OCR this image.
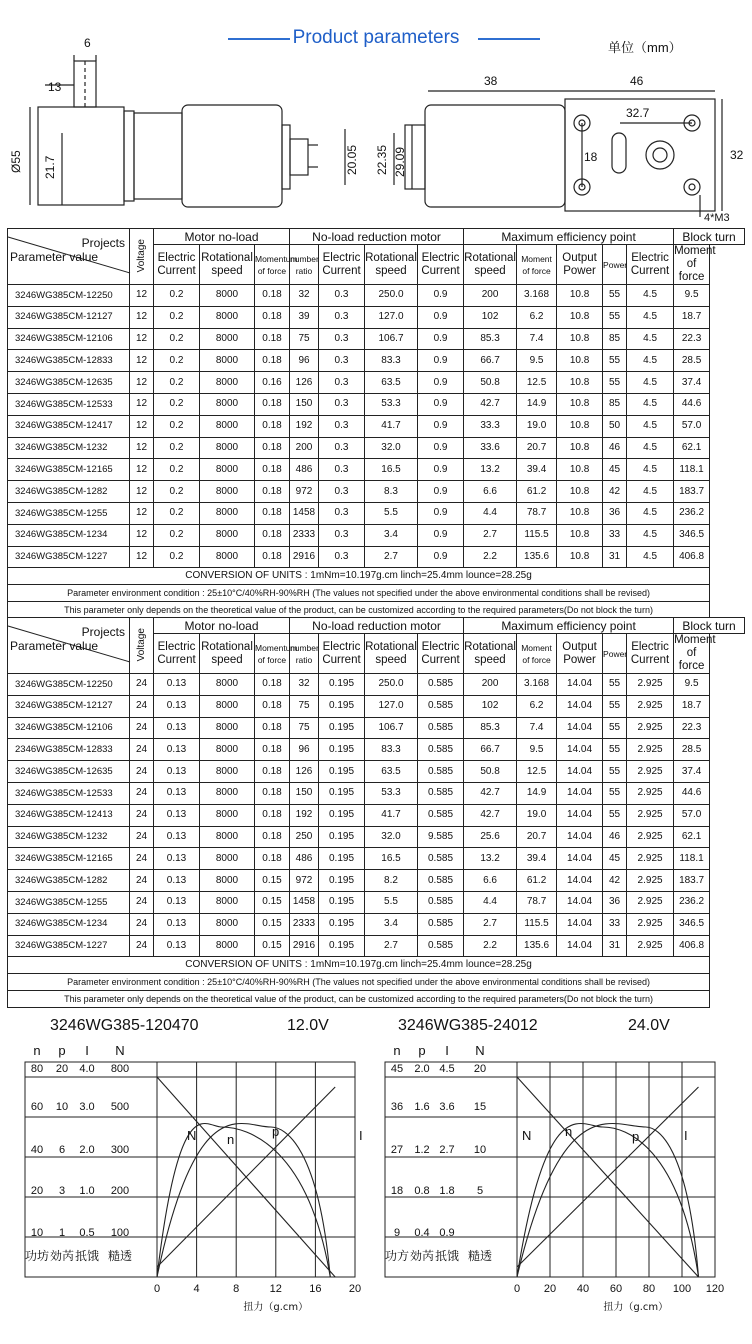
Product parameters	单位（mm）
6
13
Ø55 21.7	20.05
38	46
32.7
22.35 29.09	18	32
4*M3
Projects
Parameter value	Voltage	Motor no-load			No-load reduction motor				Maximum efficiency point					Block turn
		Electric Current	Rotational speed	Momentum of force	number ratio	Electric Current	Rotational speed	Electric Current	Rotational speed	Moment of force	Output Power	Power	Electric Current	Moment of force
3246WG385CM-12250	12	0.2	8000	0.18	32	0.3	250.0	0.9	200	3.168	10.8	55	4.5	9.5
3246WG385CM-12127	12	0.2	8000	0.18	39	0.3	127.0	0.9	102	6.2	10.8	55	4.5	18.7
3246WG385CM-12106	12	0.2	8000	0.18	75	0.3	106.7	0.9	85.3	7.4	10.8	85	4.5	22.3
3246WG385CM-12833	12	0.2	8000	0.18	96	0.3	83.3	0.9	66.7	9.5	10.8	55	4.5	28.5
3246WG385CM-12635	12	0.2	8000	0.16	126	0.3	63.5	0.9	50.8	12.5	10.8	55	4.5	37.4
3246WG385CM-12533	12	0.2	8000	0.18	150	0.3	53.3	0.9	42.7	14.9	10.8	85	4.5	44.6
3246WG385CM-12417	12	0.2	8000	0.18	192	0.3	41.7	0.9	33.3	19.0	10.8	50	4.5	57.0
3246WG385CM-1232	12	0.2	8000	0.18	200	0.3	32.0	0.9	33.6	20.7	10.8	46	4.5	62.1
3246WG385CM-12165	12	0.2	8000	0.18	486	0.3	16.5	0.9	13.2	39.4	10.8	45	4.5	118.1
3246WG385CM-1282	12	0.2	8000	0.18	972	0.3	8.3	0.9	6.6	61.2	10.8	42	4.5	183.7
3246WG385CM-1255	12	0.2	8000	0.18	1458	0.3	5.5	0.9	4.4	78.7	10.8	36	4.5	236.2
3246WG385CM-1234	12	0.2	8000	0.18	2333	0.3	3.4	0.9	2.7	115.5	10.8	33	4.5	346.5
3246WG385CM-1227	12	0.2	8000	0.18	2916	0.3	2.7	0.9	2.2	135.6	10.8	31	4.5	406.8
CONVERSION OF UNITS : 1mNm=10.197g.cm linch=25.4mm lounce=28.25g														
Parameter environment condition : 25±10°C/40%RH-90%RH (The values not specified under the above environmental conditions shall be revised)														
This parameter only depends on the theoretical value of the product, can be customized according to the required parameters(Do not block the turn)														
Projects
Parameter value	Voltage	Motor no-load			No-load reduction motor				Maximum efficiency point					Block turn
		Electric Current	Rotational speed	Momentum of force	number ratio	Electric Current	Rotational speed	Electric Current	Rotational speed	Moment of force	Output Power	Power	Electric Current	Moment of force
3246WG385CM-12250	24	0.13	8000	0.18	32	0.195	250.0	0.585	200	3.168	14.04	55	2.925	9.5
3246WG385CM-12127	24	0.13	8000	0.18	75	0.195	127.0	0.585	102	6.2	14.04	55	2.925	18.7
3246WG385CM-12106	24	0.13	8000	0.18	75	0.195	106.7	0.585	85.3	7.4	14.04	55	2.925	22.3
2346WG385CM-12833	24	0.13	8000	0.18	96	0.195	83.3	0.585	66.7	9.5	14.04	55	2.925	28.5
3246WG385CM-12635	24	0.13	8000	0.18	126	0.195	63.5	0.585	50.8	12.5	14.04	55	2.925	37.4
3246WG385CM-12533	24	0.13	8000	0.18	150	0.195	53.3	0.585	42.7	14.9	14.04	55	2.925	44.6
3246WG385CM-12413	24	0.13	8000	0.18	192	0.195	41.7	0.585	42.7	19.0	14.04	55	2.925	57.0
3246WG385CM-1232	24	0.13	8000	0.18	250	0.195	32.0	9.585	25.6	20.7	14.04	46	2.925	62.1
3246WG385CM-12165	24	0.13	8000	0.18	486	0.195	16.5	0.585	13.2	39.4	14.04	45	2.925	118.1
3246WG385CM-1282	24	0.13	8000	0.15	972	0.195	8.2	0.585	6.6	61.2	14.04	42	2.925	183.7
3246WG385CM-1255	24	0.13	8000	0.15	1458	0.195	5.5	0.585	4.4	78.7	14.04	36	2.925	236.2
3246WG385CM-1234	24	0.13	8000	0.15	2333	0.195	3.4	0.585	2.7	115.5	14.04	33	2.925	346.5
3246WG385CM-1227	24	0.13	8000	0.15	2916	0.195	2.7	0.585	2.2	135.6	14.04	31	2.925	406.8
CONVERSION OF UNITS : 1mNm=10.197g.cm linch=25.4mm lounce=28.25g														
Parameter environment condition : 25±10°C/40%RH-90%RH (The values not specified under the above environmental conditions shall be revised)														
This parameter only depends on the theoretical value of the product, can be customized according to the required parameters(Do not block the turn)														
3246WG385-120470	12.0V
n p I N
80
60
40
20
10
20
10
6
3
1
4.0
3.0
2.0
1.0
0.5
800
500
300
200
100
功坊 効芮 扺饿 糙透
0	4	8	12 16 20
扭力（g.cm）
N n
p	I
3246WG385-24012	24.0V
n p I N
45
36
27
18
9
2.0
1.6
1.2
0.8
0.4
4.5
3.6
2.7
1.8
0.9
20
15
10
5
功方 効芮 扺饿 糙透
0 20 40 60 80 100 120
扭力（g.cm）
N	n	p	I
